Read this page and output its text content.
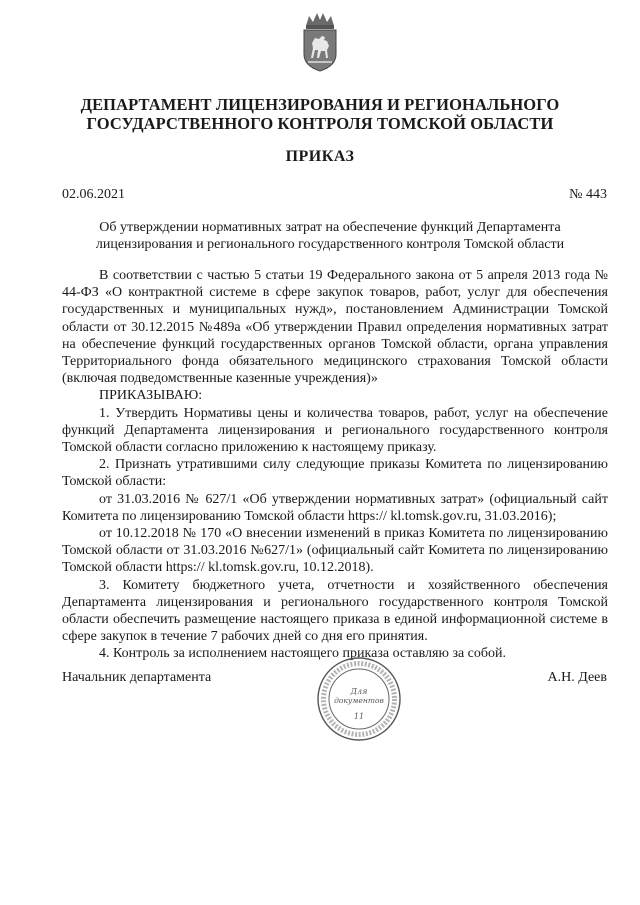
ДЕПАРТАМЕНТ ЛИЦЕНЗИРОВАНИЯ И РЕГИОНАЛЬНОГО
ГОСУДАРСТВЕННОГО КОНТРОЛЯ ТОМСКОЙ ОБЛАСТИ
ПРИКАЗ
02.06.2021	№ 443
Об утверждении нормативных затрат на обеспечение функций Департамента
лицензирования и регионального государственного контроля Томской области

В соответствии с частью 5 статьи 19 Федерального закона от 5 апреля 2013 года № 44-ФЗ «О контрактной системе в сфере закупок товаров, работ, услуг для обеспечения государственных и муниципальных нужд», постановлением Администрации Томской области от 30.12.2015 №489а «Об утверждении Правил определения нормативных затрат на обеспечение функций государственных органов Томской области, органа управления Территориального фонда обязательного медицинского страхования Томской области (включая подведомственные казенные учреждения)»

ПРИКАЗЫВАЮ:

1. Утвердить Нормативы цены и количества товаров, работ, услуг на обеспечение функций Департамента лицензирования и регионального государственного контроля Томской области согласно приложению к настоящему приказу.

2. Признать утратившими силу следующие приказы Комитета по лицензированию Томской области:

от 31.03.2016 № 627/1 «Об утверждении нормативных затрат» (официальный сайт Комитета по лицензированию Томской области https:// kl.tomsk.gov.ru, 31.03.2016);

от 10.12.2018 № 170 «О внесении изменений в приказ Комитета по лицензированию Томской области от 31.03.2016 №627/1» (официальный сайт Комитета по лицензированию Томской области https:// kl.tomsk.gov.ru, 10.12.2018).

3. Комитету бюджетного учета, отчетности и хозяйственного обеспечения Департамента лицензирования и регионального государственного контроля Томской области обеспечить размещение настоящего приказа в единой информационной системе в сфере закупок в течение 7 рабочих дней со дня его принятия.

4. Контроль за исполнением настоящего приказа оставляю за собой.

Начальник департамента	А.Н. Деев
Для
документов
11
